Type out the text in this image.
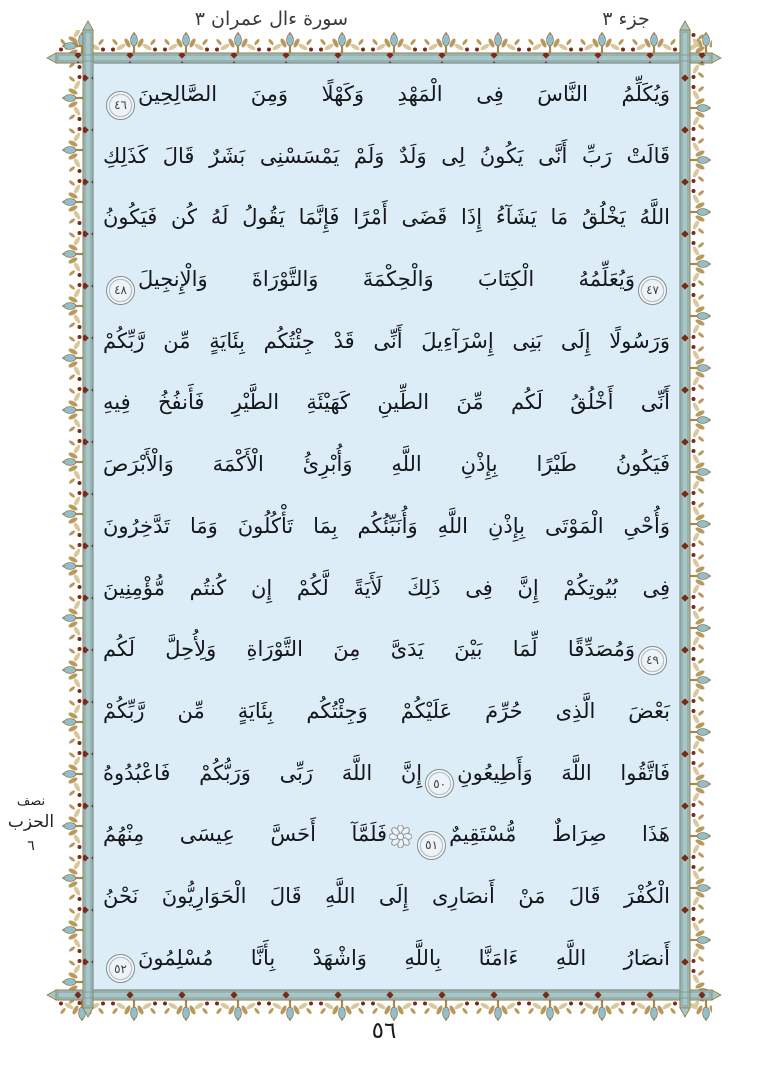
سورة ءال عمران ٣	جزء ٣
وَيُكَلِّمُ النَّاسَ فِى الْمَهْدِ وَكَهْلًا وَمِنَ الصَّالِحِينَ٤٦
قَالَتْ رَبِّ أَنَّى يَكُونُ لِى وَلَدٌ وَلَمْ يَمْسَسْنِى بَشَرٌ قَالَ كَذَلِكِ
اللَّهُ يَخْلُقُ مَا يَشَآءُ إِذَا قَضَى أَمْرًا فَإِنَّمَا يَقُولُ لَهُ كُن فَيَكُونُ
٤٧وَيُعَلِّمُهُ الْكِتَابَ وَالْحِكْمَةَ وَالتَّوْرَاةَ وَالْإِنجِيلَ٤٨
وَرَسُولًا إِلَى بَنِى إِسْرَآءِيلَ أَنِّى قَدْ جِئْتُكُم بِئَايَةٍ مِّن رَّبِّكُمْ
أَنِّى أَخْلُقُ لَكُم مِّنَ الطِّينِ كَهَيْئَةِ الطَّيْرِ فَأَنفُخُ فِيهِ
فَيَكُونُ طَيْرًا بِإِذْنِ اللَّهِ وَأُبْرِئُ الْأَكْمَهَ وَالْأَبْرَصَ
وَأُحْىِ الْمَوْتَى بِإِذْنِ اللَّهِ وَأُنَبِّئُكُم بِمَا تَأْكُلُونَ وَمَا تَدَّخِرُونَ
فِى بُيُوتِكُمْ إِنَّ فِى ذَلِكَ لَأَيَةً لَّكُمْ إِن كُنتُم مُّؤْمِنِينَ
٤٩وَمُصَدِّقًا لِّمَا بَيْنَ يَدَىَّ مِنَ التَّوْرَاةِ وَلِأُحِلَّ لَكُم
بَعْضَ الَّذِى حُرِّمَ عَلَيْكُمْ وَجِئْتُكُم بِئَايَةٍ مِّن رَّبِّكُمْ
فَاتَّقُوا اللَّهَ وَأَطِيعُونِ٥٠إِنَّ اللَّهَ رَبِّى وَرَبُّكُمْ فَاعْبُدُوهُ
هَذَا صِرَاطٌ مُّسْتَقِيمٌ٥١فَلَمَّآ أَحَسَّ عِيسَى مِنْهُمُ
الْكُفْرَ قَالَ مَنْ أَنصَارِى إِلَى اللَّهِ قَالَ الْحَوَارِيُّونَ نَحْنُ
أَنصَارُ اللَّهِ ءَامَنَّا بِاللَّهِ وَاشْهَدْ بِأَنَّا مُسْلِمُونَ٥٢
نصف
الحزب
٦
٥٦
